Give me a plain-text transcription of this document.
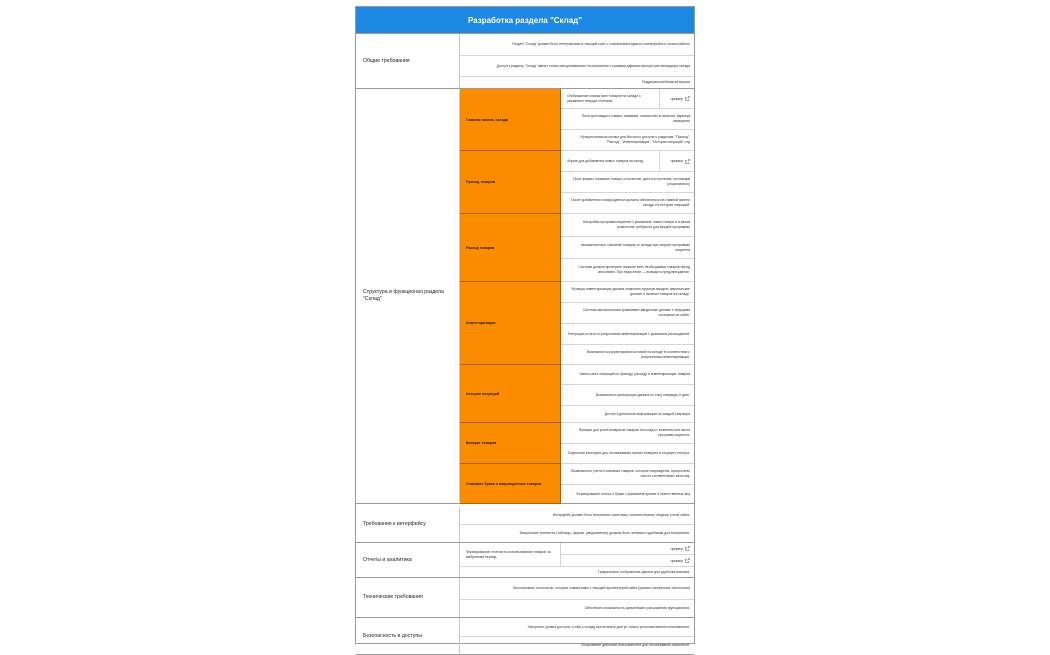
Разработка раздела "Склад"
Общие требования
Раздел "Склад" должен быть интегрирован в текущий сайт с сохранением единого интерфейса и логики работы
Доступ к разделу "Склад" имеют только авторизованные пользователи с правами администратора или менеджера склада
Поддержка мобильной версии
Требования к интерфейсу
Интерфейс должен быть интуитивно понятным, соответствовать общему стилю сайта.
Визуальные элементы (таблицы, формы, уведомления) должны быть четкими и удобными для восприятия.
Технические требования
Использовать технологии, которые совместимы с текущей архитектурой сайта (указать конкретные технологии)
Обеспечить возможность дальнейшего расширения функционала.
Безопасность и доступы
Настроить уровни доступа, чтобы к складу могли иметь доступ только уполномоченные пользователи.
Логирование действий пользователей для отслеживания изменений.
Структура и функционал раздела "Склад"
Главная панель склада
Отображение списка всех товаров на складе с указанием текущих остатков.	пример
Поля для каждого товара: название, количество в наличии, единица измерения
Функциональные кнопки для быстрого доступа к разделам: "Приход", "Расход", "Инвентаризация", "История операций" итд
Приход товаров
Форма для добавления новых товаров на склад.	пример
Поля формы: название товара, количество, дата поступления, поставщик (опционально)
После добавления товара данные должны обновляться на главной панели склада и в истории операций.
Расход товаров
Настройка программ пациента с указанием, какие товары и в каком количестве требуются для каждой программы
Автоматическое списание товаров со склада при запуске программы пациента
Система должна проверять наличие всех необходимых товаров перед списанием. При недостатке — выводить предупреждение.
Инвентаризация
Функция инвентаризации должна позволять вручную вводить фактические данные о наличии товаров на складе.
Система автоматически сравнивает введенные данные с текущими остатками на сайте.
Генерация отчета по результатам инвентаризации с указанием расхождений.
Возможность корректировки остатков на складе в соответствии с результатами инвентаризации.
История операций
Запись всех операций по приходу, расходу и инвентаризации товаров
Возможность фильтрации данных по типу операции и дате.
Доступ к детальной информации по каждой операции
Возврат товаров
Функция для учета возвратов товаров на склад от клиентов или после программ пациента.
Отдельная категория для отслеживания причин возврата и текущего статуса.
Списание брака и поврежденных товаров
Возможность учета и списания товаров, которые повреждены, просрочены или не соответствуют качеству.
Формирование отчета о браке с указанием причин и ответственных лиц
Отчеты и аналитика
Формирование отчетов по использованию товаров за выбранный период.
пример
пример
Графическое отображение данных для удобства анализа.
